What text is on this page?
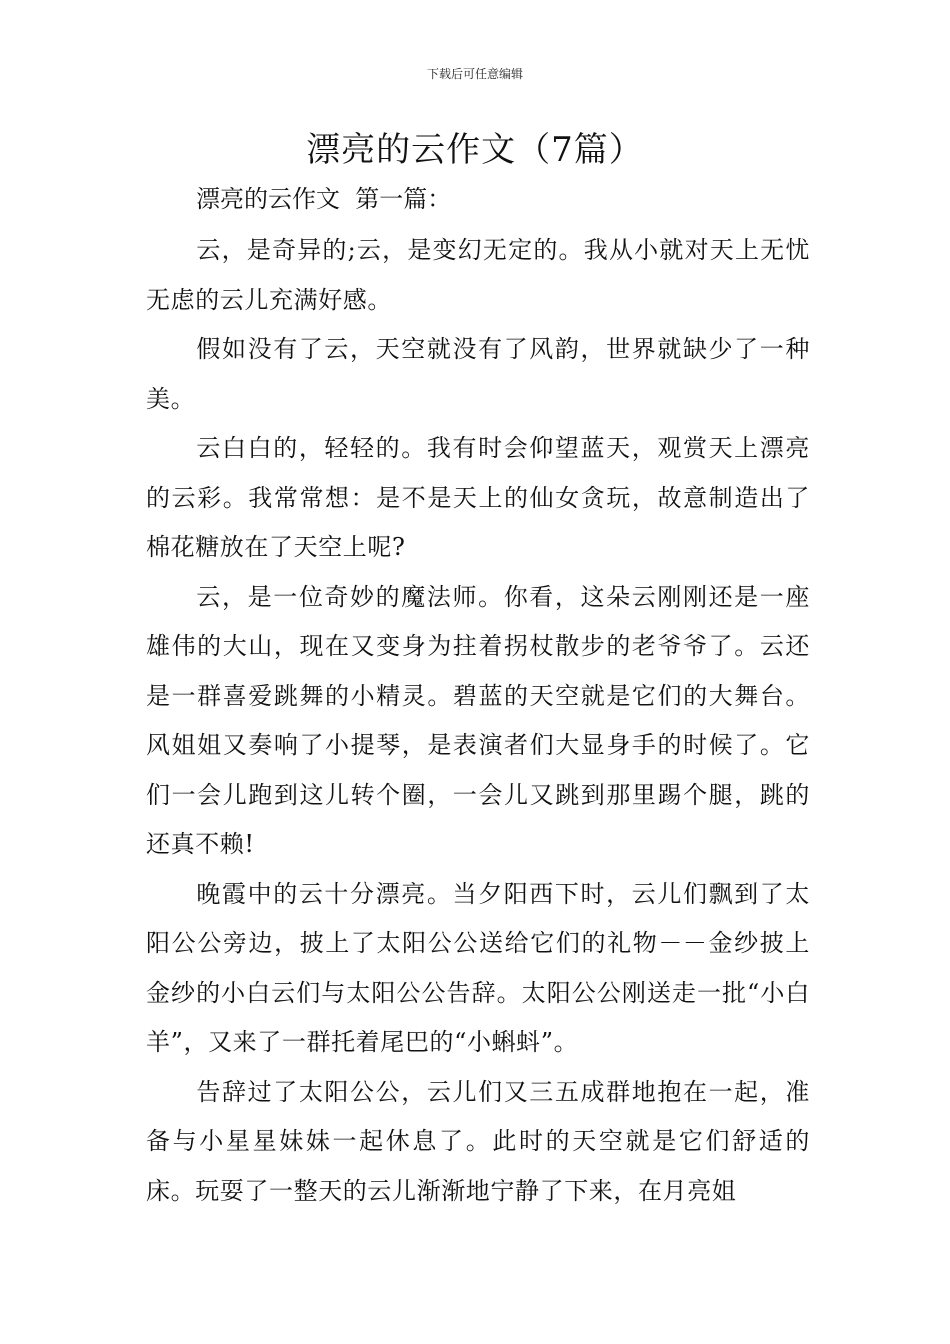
下载后可任意编辑
漂亮的云作文（7篇）
漂亮的云作文  第一篇：

云，是奇异的;云，是变幻无定的。我从小就对天上无忧无虑的云儿充满好感。

假如没有了云，天空就没有了风韵，世界就缺少了一种美。

云白白的，轻轻的。我有时会仰望蓝天，观赏天上漂亮的云彩。我常常想：是不是天上的仙女贪玩，故意制造出了棉花糖放在了天空上呢?

云，是一位奇妙的魔法师。你看，这朵云刚刚还是一座雄伟的大山，现在又变身为拄着拐杖散步的老爷爷了。云还是一群喜爱跳舞的小精灵。碧蓝的天空就是它们的大舞台。风姐姐又奏响了小提琴，是表演者们大显身手的时候了。它们一会儿跑到这儿转个圈，一会儿又跳到那里踢个腿，跳的还真不赖!

晚霞中的云十分漂亮。当夕阳西下时，云儿们飘到了太阳公公旁边，披上了太阳公公送给它们的礼物－－金纱披上金纱的小白云们与太阳公公告辞。太阳公公刚送走一批“小白羊”，又来了一群托着尾巴的“小蝌蚪”。

告辞过了太阳公公，云儿们又三五成群地抱在一起，准备与小星星妹妹一起休息了。此时的天空就是它们舒适的床。玩耍了一整天的云儿渐渐地宁静了下来，在月亮姐
